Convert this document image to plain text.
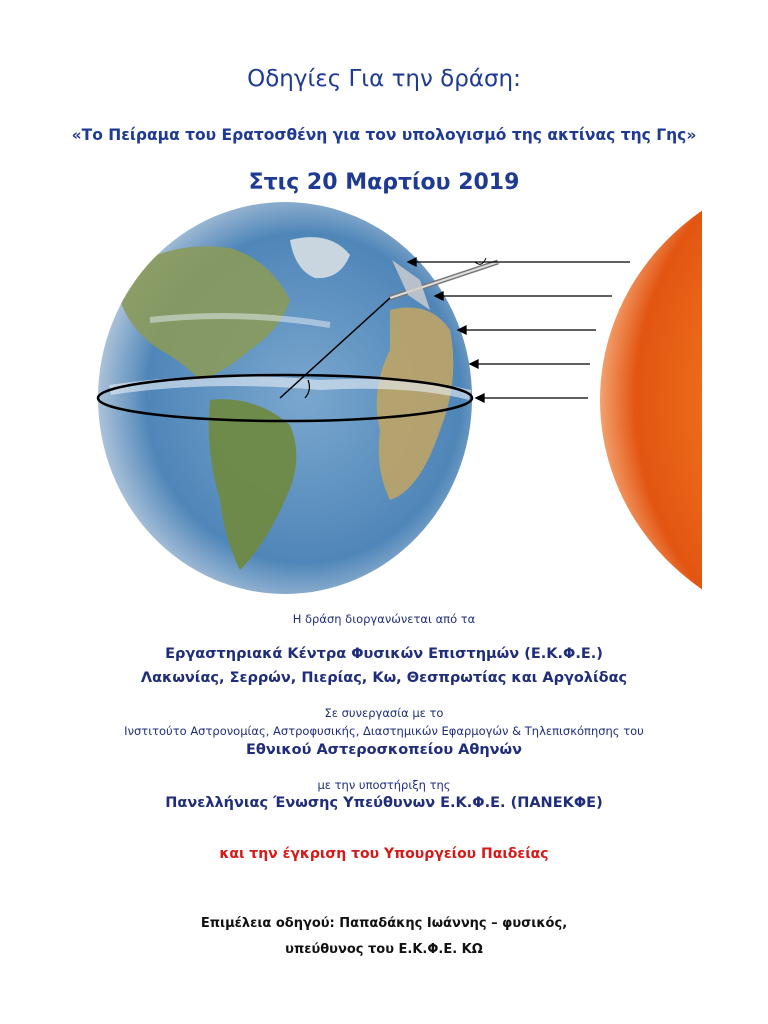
Οδηγίες Για την δράση:
«Το Πείραμα του Ερατοσθένη για τον υπολογισμό της ακτίνας της Γης»
Στις 20 Μαρτίου 2019
Η δράση διοργανώνεται από τα
Εργαστηριακά Κέντρα Φυσικών Επιστημών (Ε.Κ.Φ.Ε.)
Λακωνίας, Σερρών, Πιερίας, Κω, Θεσπρωτίας και Αργολίδας
Σε συνεργασία με το
Ινστιτούτο Αστρονομίας, Αστροφυσικής, Διαστημικών Εφαρμογών & Τηλεπισκόπησης του
Εθνικού Αστεροσκοπείου Αθηνών
με την υποστήριξη της
Πανελλήνιας Ένωσης Υπεύθυνων Ε.Κ.Φ.Ε. (ΠΑΝΕΚΦΕ)
και την έγκριση του Υπουργείου Παιδείας
Επιμέλεια οδηγού: Παπαδάκης Ιωάννης – φυσικός,
υπεύθυνος του Ε.Κ.Φ.Ε. ΚΩ
